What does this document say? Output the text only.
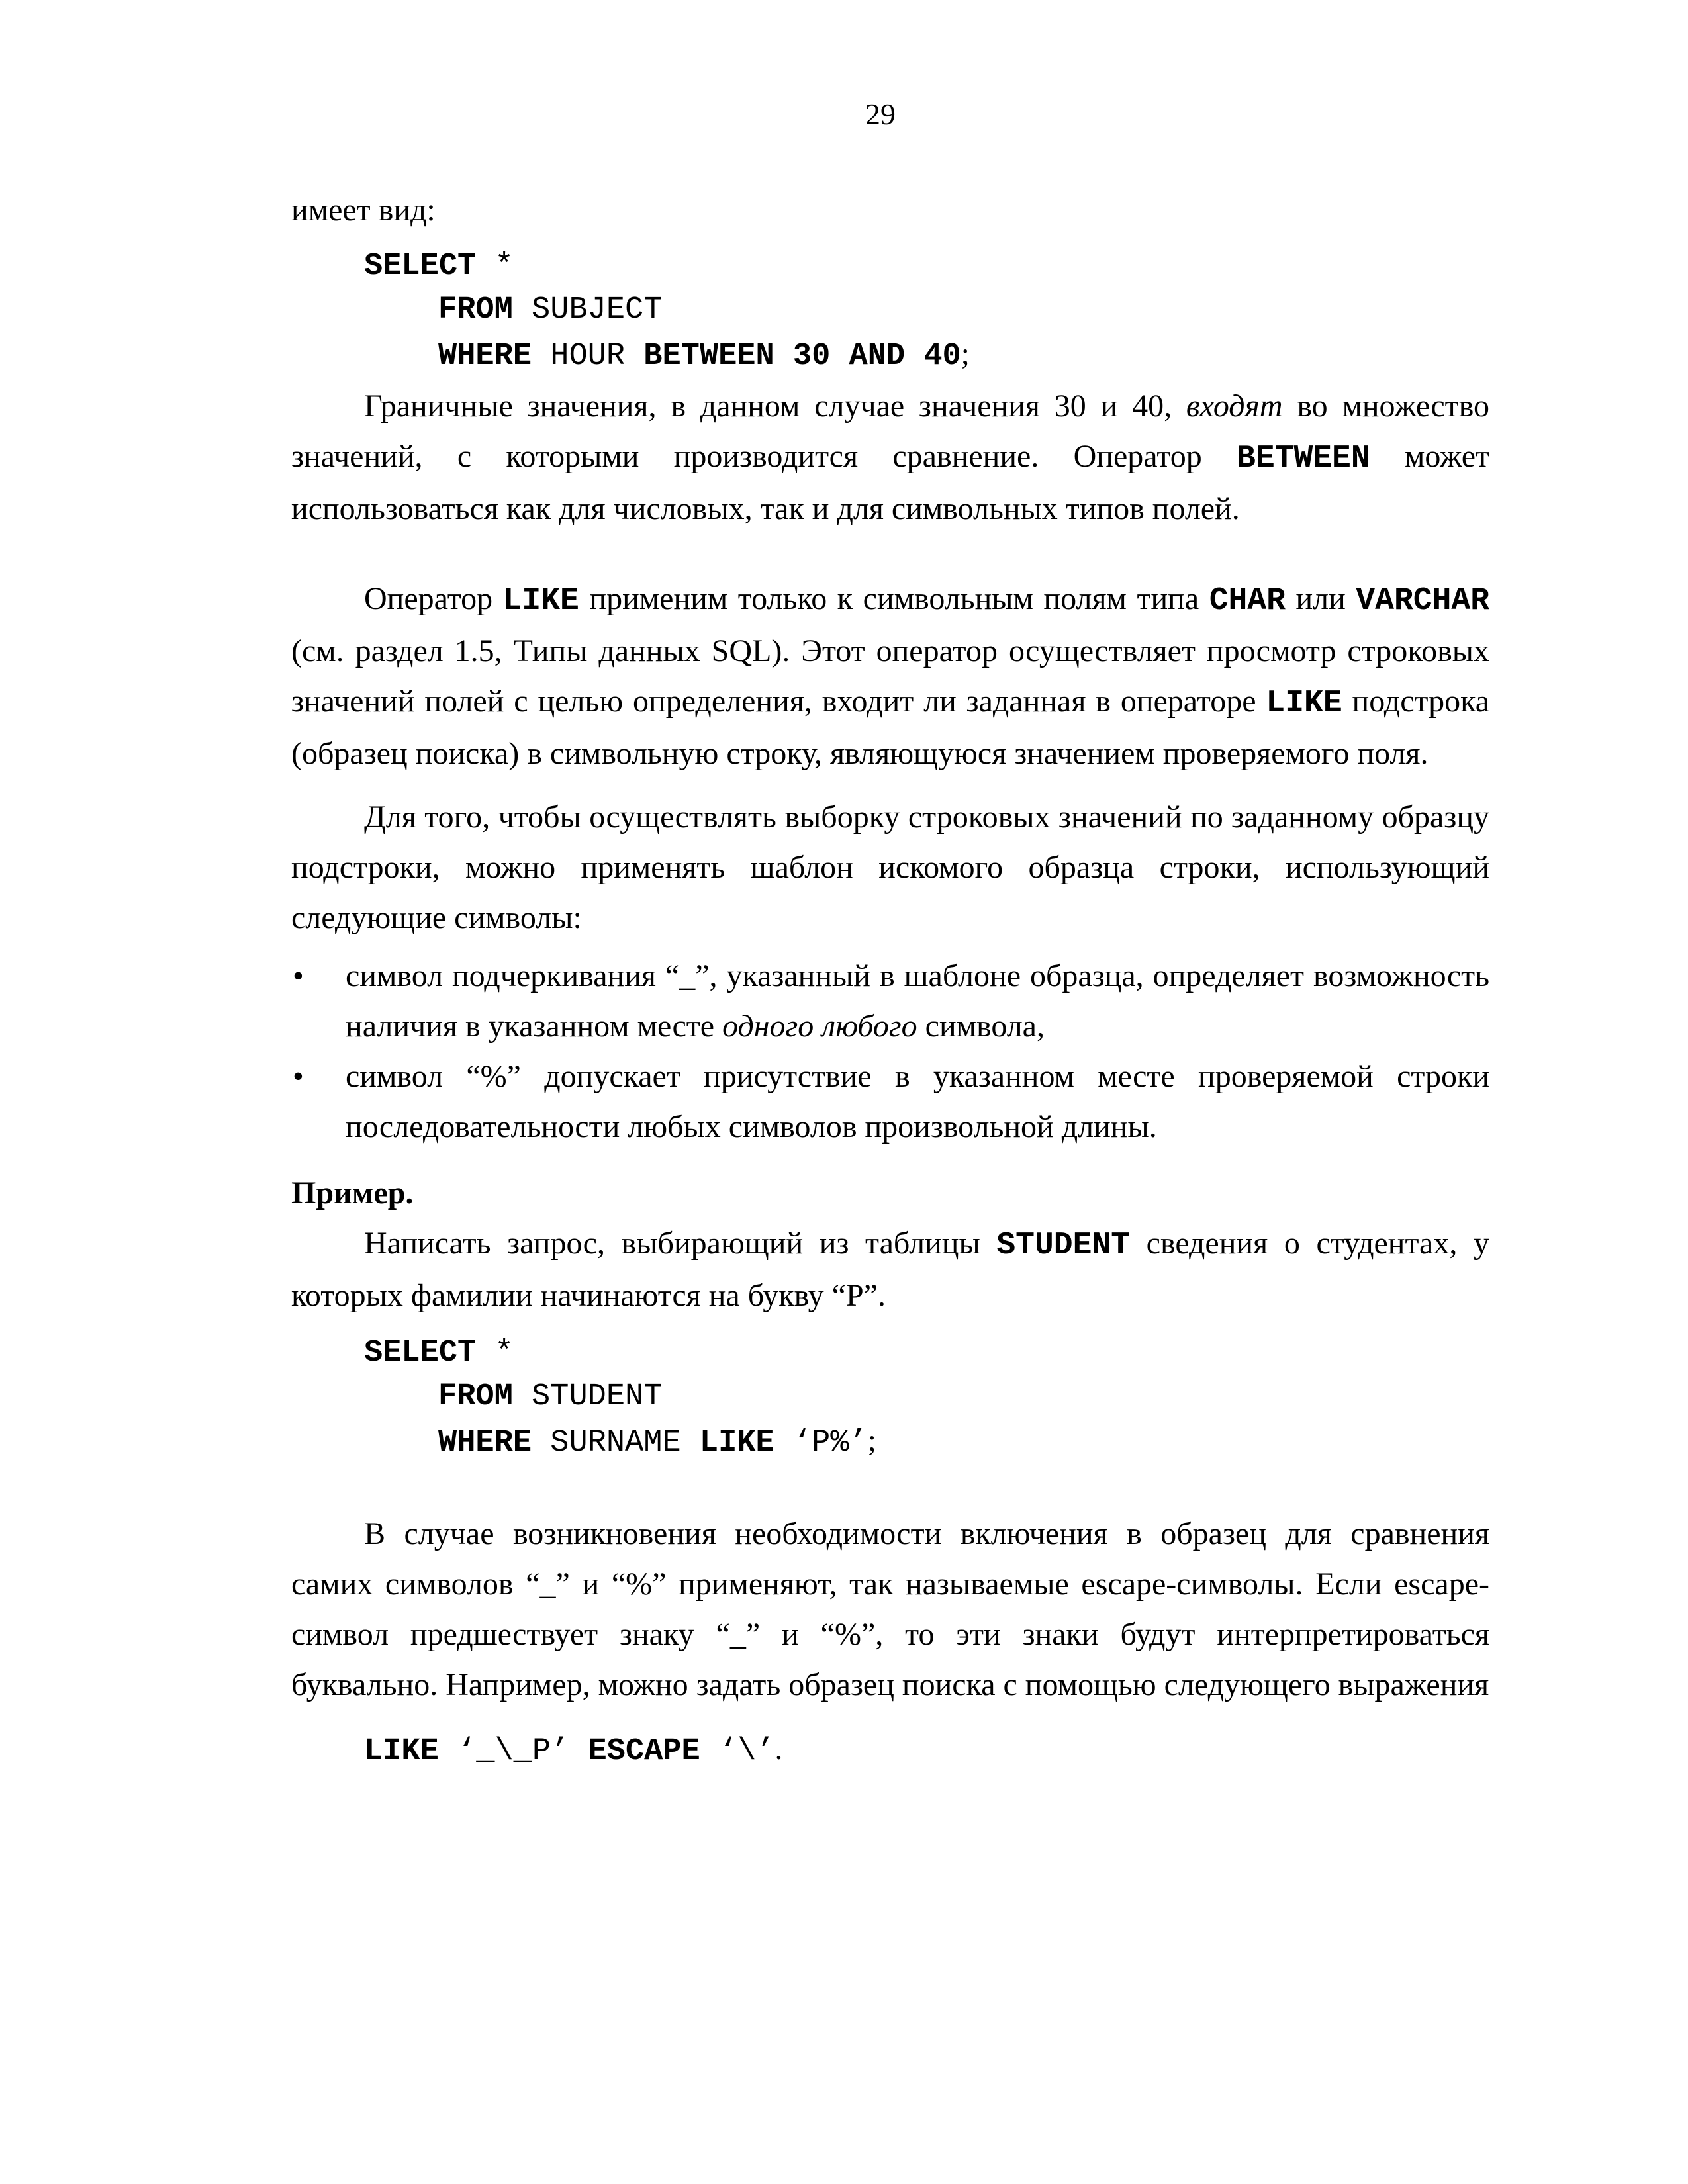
29

имеет вид:

SELECT *
FROM SUBJECT
WHERE HOUR BETWEEN 30 AND 40;

Граничные значения, в данном случае значения 30 и 40, входят во множество значений, с которыми производится сравнение. Оператор BETWEEN может использоваться как для числовых, так и для символьных типов полей.

Оператор LIKE применим только к символьным полям типа CHAR или VARCHAR (см. раздел 1.5, Типы данных SQL). Этот оператор осуществляет просмотр строковых значений полей с целью определения, входит ли заданная в операторе LIKE подстрока (образец поиска) в символьную строку, являющуюся значением проверяемого поля.

Для того, чтобы осуществлять выборку строковых значений по заданному образцу подстроки, можно применять шаблон искомого образца строки, использующий следующие символы:

• символ подчеркивания “_”, указанный в шаблоне образца, определяет возможность наличия в указанном месте одного любого символа,
• символ “%” допускает присутствие в указанном месте проверяемой строки последовательности любых символов произвольной длины.

Пример.

Написать запрос, выбирающий из таблицы STUDENT сведения о студентах, у которых фамилии начинаются на букву “Р”.

SELECT *
FROM STUDENT
WHERE SURNAME LIKE ‘Р%’;

В случае возникновения необходимости включения в образец для сравнения самих символов “_” и “%” применяют, так называемые escape-символы. Если escape-символ предшествует знаку “_” и “%”, то эти знаки будут интерпретироваться буквально. Например, можно задать образец поиска с помощью следующего выражения

LIKE ‘_\_P’ ESCAPE ‘\’.
